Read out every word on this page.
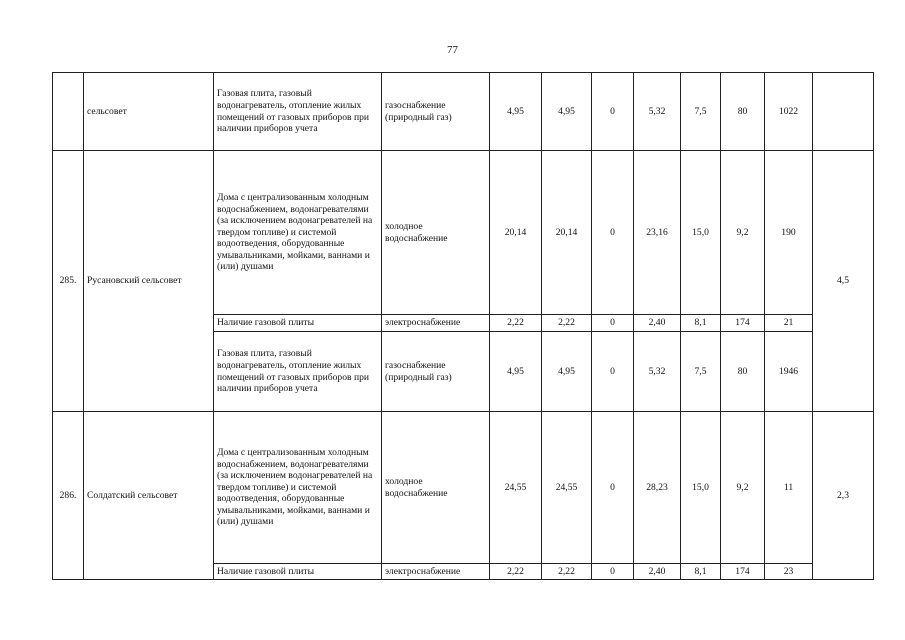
77
	сельсовет	Газовая плита, газовый водонагреватель, отопление жилых помещений от газовых приборов при наличии приборов учета	газоснабжение (природный газ)	4,95	4,95	0	5,32	7,5	80	1022	
285.	Русановский сельсовет	Дома с централизованным холодным водоснабжением, водонагревателями (за исключением водонагревателей на твердом топливе) и системой водоотведения, оборудованные умывальниками, мойками, ваннами и (или) душами	холодное водоснабжение	20,14	20,14	0	23,16	15,0	9,2	190	4,5
		Наличие газовой плиты	электроснабжение	2,22	2,22	0	2,40	8,1	174	21	
		Газовая плита, газовый водонагреватель, отопление жилых помещений от газовых приборов при наличии приборов учета	газоснабжение (природный газ)	4,95	4,95	0	5,32	7,5	80	1946	
286.	Солдатский сельсовет	Дома с централизованным холодным водоснабжением, водонагревателями (за исключением водонагревателей на твердом топливе) и системой водоотведения, оборудованные умывальниками, мойками, ваннами и (или) душами	холодное водоснабжение	24,55	24,55	0	28,23	15,0	9,2	11	2,3
		Наличие газовой плиты	электроснабжение	2,22	2,22	0	2,40	8,1	174	23	
